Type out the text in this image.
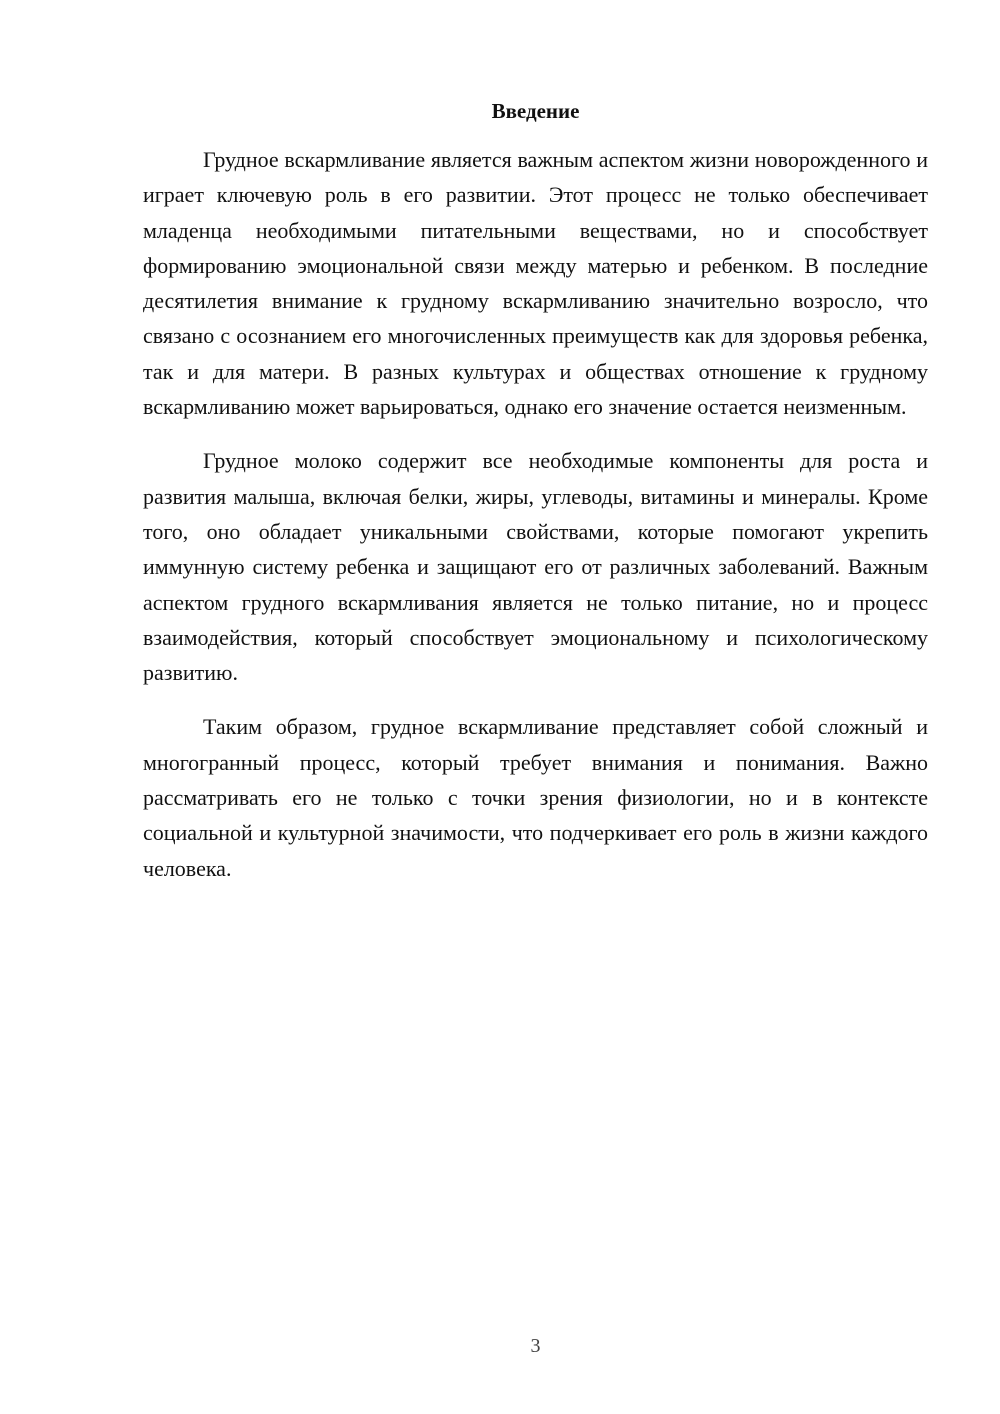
Введение

Грудное вскармливание является важным аспектом жизни новорожденного и играет ключевую роль в его развитии. Этот процесс не только обеспечивает младенца необходимыми питательными веществами, но и способствует формированию эмоциональной связи между матерью и ребенком. В последние десятилетия внимание к грудному вскармливанию значительно возросло, что связано с осознанием его многочисленных преимуществ как для здоровья ребенка, так и для матери. В разных культурах и обществах отношение к грудному вскармливанию может варьироваться, однако его значение остается неизменным.

Грудное молоко содержит все необходимые компоненты для роста и развития малыша, включая белки, жиры, углеводы, витамины и минералы. Кроме того, оно обладает уникальными свойствами, которые помогают укрепить иммунную систему ребенка и защищают его от различных заболеваний. Важным аспектом грудного вскармливания является не только питание, но и процесс взаимодействия, который способствует эмоциональному и психологическому развитию.

Таким образом, грудное вскармливание представляет собой сложный и многогранный процесс, который требует внимания и понимания. Важно рассматривать его не только с точки зрения физиологии, но и в контексте социальной и культурной значимости, что подчеркивает его роль в жизни каждого человека.

3
